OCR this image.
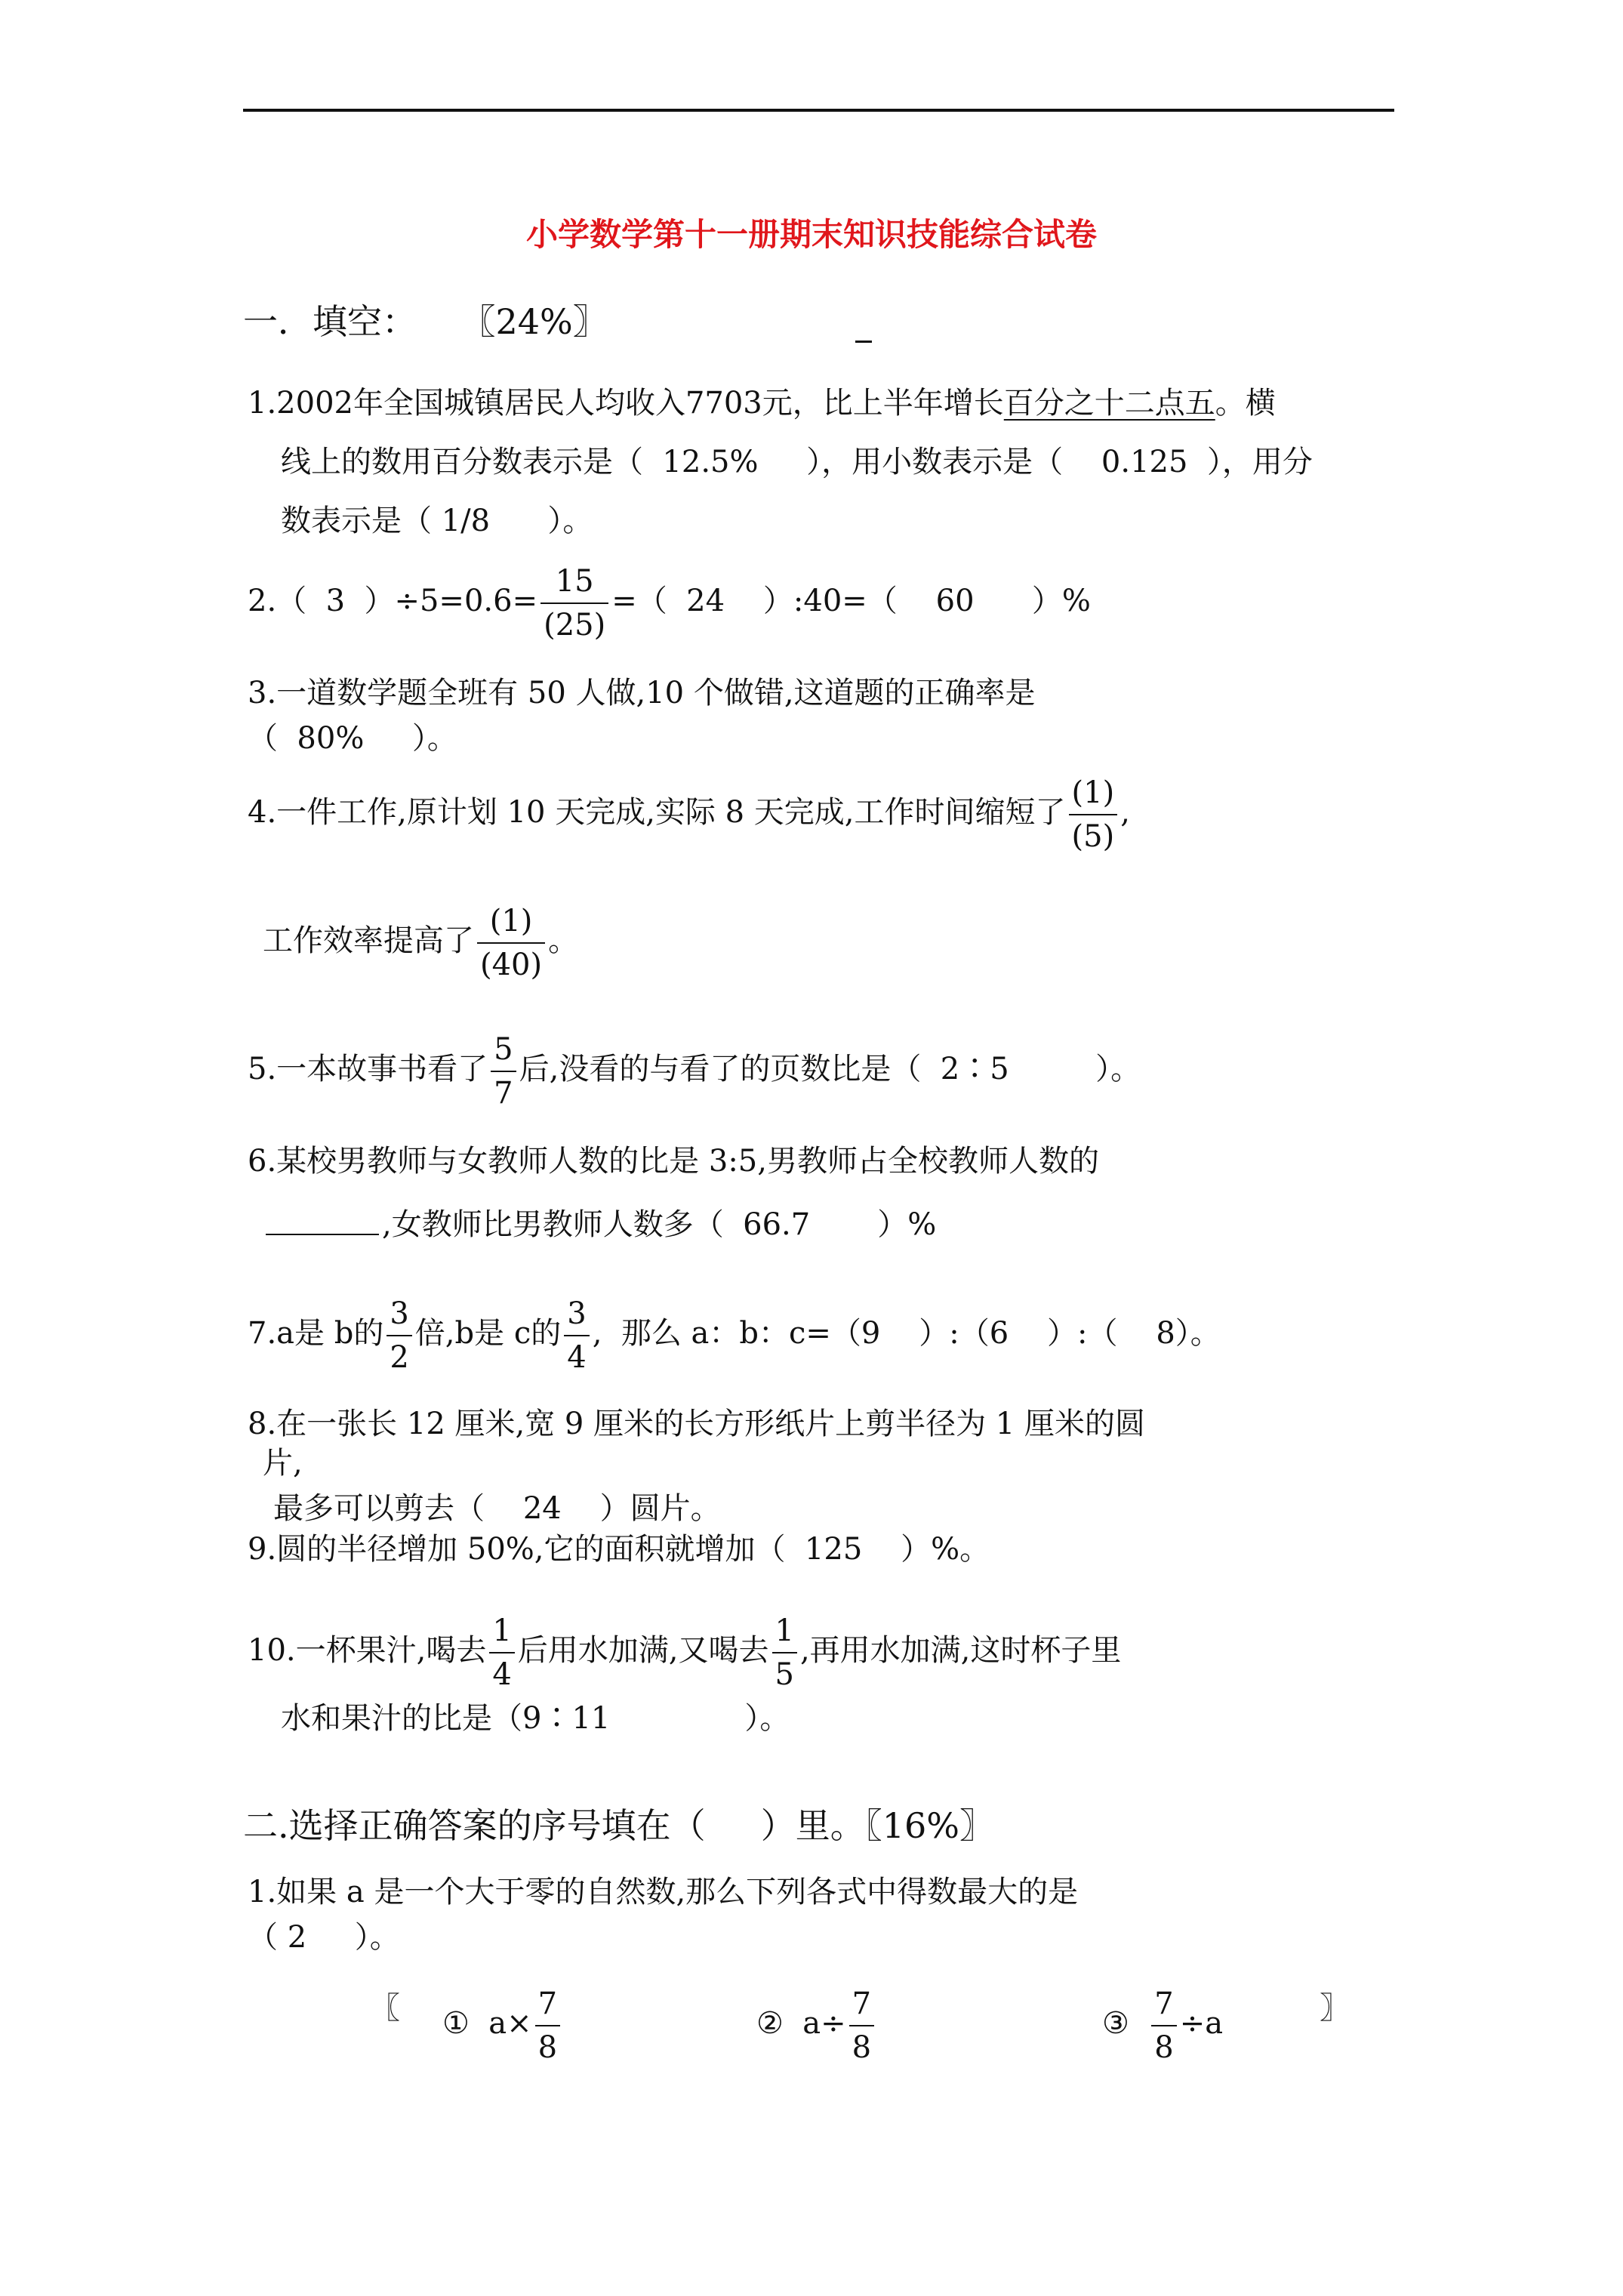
小学数学第十一册期末知识技能综合试卷
一．填空： 〖24%〗
1.2002年全国城镇居民人均收入7703元，比上半年增长百分之十二点五。横
线上的数用百分数表示是（  12.5%     ），用小数表示是（    0.125  ），用分
数表示是（ 1/8      ）。
2.（  3  ）$\div 5=0.6= \frac{15}{(25)}$ =（  24    ）:40=（    60      ）%
3.一道数学题全班有 50 人做,10 个做错,这道题的正确率是
（  80%     ）。
4.一件工作,原计划 10 天完成,实际 8 天完成,工作时间缩短了 $\frac{(1)}{(5)}$ ,
工作效率提高了 $\frac{(1)}{(40)}$ 。
5.一本故事书看了 $\frac{5}{7}$ 后,没看的与看了的页数比是（  2∶5         ）。
6.某校男教师与女教师人数的比是 3:5,男教师占全校教师人数的
,女教师比男教师人数多（  66.7       ）%
7.a是 b的 $\frac{3}{2}$ 倍,b是 c的 $\frac{3}{4}$ ,  那么 a：b：c=（9    ）:（6    ）:（    8）。
8.在一张长 12 厘米,宽 9 厘米的长方形纸片上剪半径为 1 厘米的圆
片,
最多可以剪去（    24    ）圆片。
9.圆的半径增加 50%,它的面积就增加（  125    ）%。
10.一杯果汁,喝去 $\frac{1}{4}$ 后用水加满,又喝去 $\frac{1}{5}$ ,再用水加满,这时杯子里
水和果汁的比是（9∶11              ）。
二.选择正确答案的序号填在（     ）里。〖16%〗
1.如果 a 是一个大于零的自然数,那么下列各式中得数最大的是
（ 2     ）。
〖 ①  $a\times \frac{7}{8}$	②  $a\div \frac{7}{8}$	③ $\frac{7}{8} \div a$	〗
